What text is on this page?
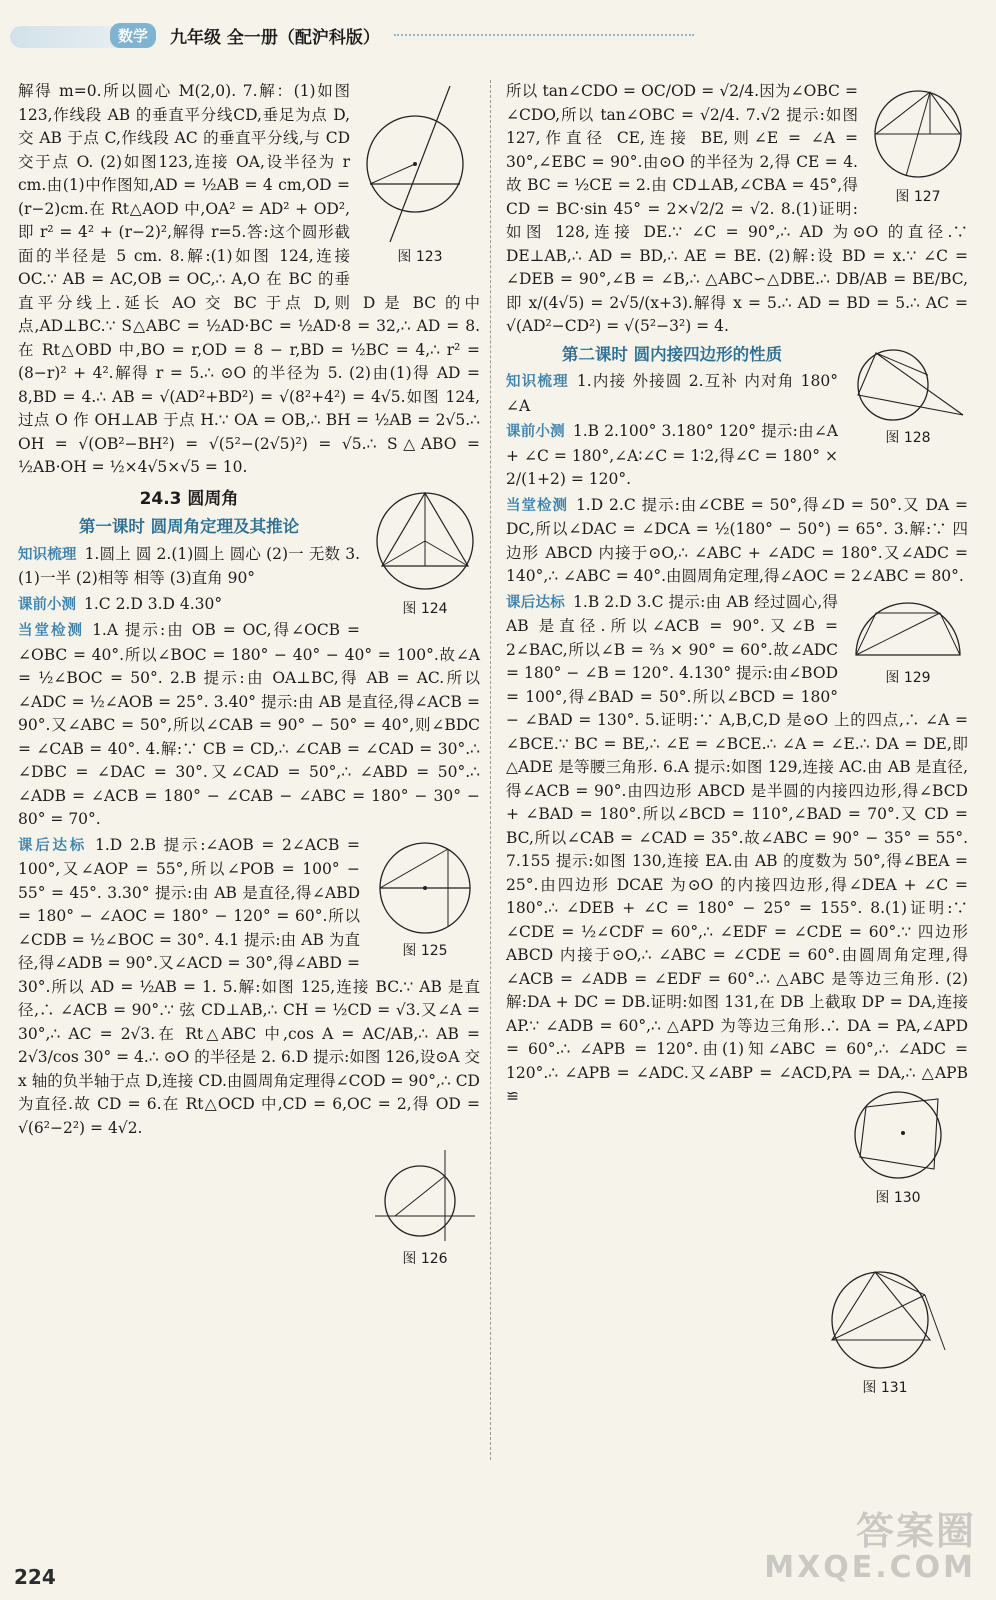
数学	九年级 全一册（配沪科版）
图 123

解得 m=0.所以圆心 M(2,0). 7.解：(1)如图123,作线段 AB 的垂直平分线CD,垂足为点 D,交 AB 于点 C,作线段 AC 的垂直平分线,与 CD 交于点 O. (2)如图123,连接 OA,设半径为 r cm.由(1)中作图知,AD = ½AB = 4 cm,OD = (r−2)cm.在 Rt△AOD 中,OA² = AD² + OD²,即 r² = 4² + (r−2)²,解得 r=5.答:这个圆形截面的半径是 5 cm. 8.解:(1)如图 124,连接 OC.∵ AB = AC,OB = OC,∴ A,O 在 BC 的垂直平分线上.延长 AO 交 BC 于点 D,则 D 是 BC 的中点,AD⊥BC.∵ S△ABC = ½AD·BC = ½AD·8 = 32,∴ AD = 8.在 Rt△OBD 中,BO = r,OD = 8 − r,BD = ½BC = 4,∴ r² = (8−r)² + 4².解得 r = 5.∴ ⊙O 的半径为 5. (2)由(1)得 AD = 8,BD = 4.∴ AB = √(AD²+BD²) = √(8²+4²) = 4√5.如图 124,过点 O 作 OH⊥AB 于点 H.∵ OA = OB,∴ BH = ½AB = 2√5.∴ OH = √(OB²−BH²) = √(5²−(2√5)²) = √5.∴ S△ABO = ½AB·OH = ½×4√5×√5 = 10.

图 124
24.3 圆周角
第一课时 圆周角定理及其推论

知识梳理 1.圆上 圆 2.(1)圆上 圆心 (2)一 无数 3.(1)一半 (2)相等 相等 (3)直角 90°

课前小测 1.C 2.D 3.D 4.30°

当堂检测 1.A 提示:由 OB = OC,得∠OCB = ∠OBC = 40°.所以∠BOC = 180° − 40° − 40° = 100°.故∠A = ½∠BOC = 50°. 2.B 提示:由 OA⊥BC,得 AB = AC.所以∠ADC = ½∠AOB = 25°. 3.40° 提示:由 AB 是直径,得∠ACB = 90°.又∠ABC = 50°,所以∠CAB = 90° − 50° = 40°,则∠BDC = ∠CAB = 40°. 4.解:∵ CB = CD,∴ ∠CAB = ∠CAD = 30°.∴ ∠DBC = ∠DAC = 30°.又∠CAD = 50°,∴ ∠ABD = 50°.∴ ∠ADB = ∠ACB = 180° − ∠CAB − ∠ABC = 180° − 30° − 80° = 70°.

图 125

课后达标 1.D 2.B 提示:∠AOB = 2∠ACB = 100°,又∠AOP = 55°,所以∠POB = 100° − 55° = 45°. 3.30° 提示:由 AB 是直径,得∠ABD = 180° − ∠AOC = 180° − 120° = 60°.所以∠CDB = ½∠BOC = 30°. 4.1 提示:由 AB 为直径,得∠ADB = 90°.又∠ACD = 30°,得∠ABD = 30°.所以 AD = ½AB = 1. 5.解:如图 125,连接 BC.∵ AB 是直径,∴ ∠ACB = 90°.∵ 弦 CD⊥AB,∴ CH = ½CD = √3.又∠A = 30°,∴ AC = 2√3.在 Rt△ABC 中,cos A = AC/AB,∴ AB = 2√3/cos 30° = 4.∴ ⊙O 的半径是 2. 6.D 提示:如图 126,设⊙A 交 x 轴的负半轴于点 D,连接 CD.由圆周角定理得∠COD = 90°,∴ CD 为直径.故 CD = 6.在 Rt△OCD 中,CD = 6,OC = 2,得 OD = √(6²−2²) = 4√2.

图 126
图 127

所以 tan∠CDO = OC/OD = √2/4.因为∠OBC = ∠CDO,所以 tan∠OBC = √2/4. 7.√2 提示:如图 127,作直径 CE,连接 BE,则∠E = ∠A = 30°,∠EBC = 90°.由⊙O 的半径为 2,得 CE = 4.故 BC = ½CE = 2.由 CD⊥AB,∠CBA = 45°,得 CD = BC·sin 45° = 2×√2/2 = √2. 8.(1)证明:如图 128,连接 DE.∵ ∠C = 90°,∴ AD 为⊙O 的直径.∵ DE⊥AB,∴ AD = BD,∴ AE = BE. (2)解:设 BD = x.∵ ∠C = ∠DEB = 90°,∠B = ∠B,∴ △ABC∽△DBE.∴ DB/AB = BE/BC,即 x/(4√5) = 2√5/(x+3).解得 x = 5.∴ AD = BD = 5.∴ AC = √(AD²−CD²) = √(5²−3²) = 4.

图 128
第二课时 圆内接四边形的性质

知识梳理 1.内接 外接圆 2.互补 内对角 180° ∠A

课前小测 1.B 2.100° 3.180° 120° 提示:由∠A + ∠C = 180°,∠A∶∠C = 1∶2,得∠C = 180° × 2/(1+2) = 120°.

当堂检测 1.D 2.C 提示:由∠CBE = 50°,得∠D = 50°.又 DA = DC,所以∠DAC = ∠DCA = ½(180° − 50°) = 65°. 3.解:∵ 四边形 ABCD 内接于⊙O,∴ ∠ABC + ∠ADC = 180°.又∠ADC = 140°,∴ ∠ABC = 40°.由圆周角定理,得∠AOC = 2∠ABC = 80°.

图 129

课后达标 1.B 2.D 3.C 提示:由 AB 经过圆心,得 AB 是直径.所以∠ACB = 90°.又∠B = 2∠BAC,所以∠B = ⅔ × 90° = 60°.故∠ADC = 180° − ∠B = 120°. 4.130° 提示:由∠BOD = 100°,得∠BAD = 50°.所以∠BCD = 180° − ∠BAD = 130°. 5.证明:∵ A,B,C,D 是⊙O 上的四点,∴ ∠A = ∠BCE.∵ BC = BE,∴ ∠E = ∠BCE.∴ ∠A = ∠E.∴ DA = DE,即△ADE 是等腰三角形. 6.A 提示:如图 129,连接 AC.由 AB 是直径,得∠ACB = 90°.由四边形 ABCD 是半圆的内接四边形,得∠BCD + ∠BAD = 180°.所以∠BCD = 110°,∠BAD = 70°.又 CD = BC,所以∠CAB = ∠CAD = 35°.故∠ABC = 90° − 35° = 55°. 7.155 提示:如图 130,连接 EA.由 AB 的度数为 50°,得∠BEA = 25°.由四边形 DCAE 为⊙O 的内接四边形,得∠DEA + ∠C = 180°.∴ ∠DEB + ∠C = 180° − 25° = 155°. 8.(1)证明:∵ ∠CDE = ½∠CDF = 60°,∴ ∠EDF = ∠CDE = 60°.∵ 四边形 ABCD 内接于⊙O,∴ ∠ABC = ∠CDE = 60°.由圆周角定理,得∠ACB = ∠ADB = ∠EDF = 60°.∴ △ABC 是等边三角形. (2)解:DA + DC = DB.证明:如图 131,在 DB 上截取 DP = DA,连接 AP.∵ ∠ADB = 60°,∴ △APD 为等边三角形.∴ DA = PA,∠APD = 60°.∴ ∠APB = 120°.由(1)知∠ABC = 60°,∴ ∠ADC = 120°.∴ ∠APB = ∠ADC.又∠ABP = ∠ACD,PA = DA,∴ △APB ≌

图 130
图 131
224
答案圈
MXQE.COM
